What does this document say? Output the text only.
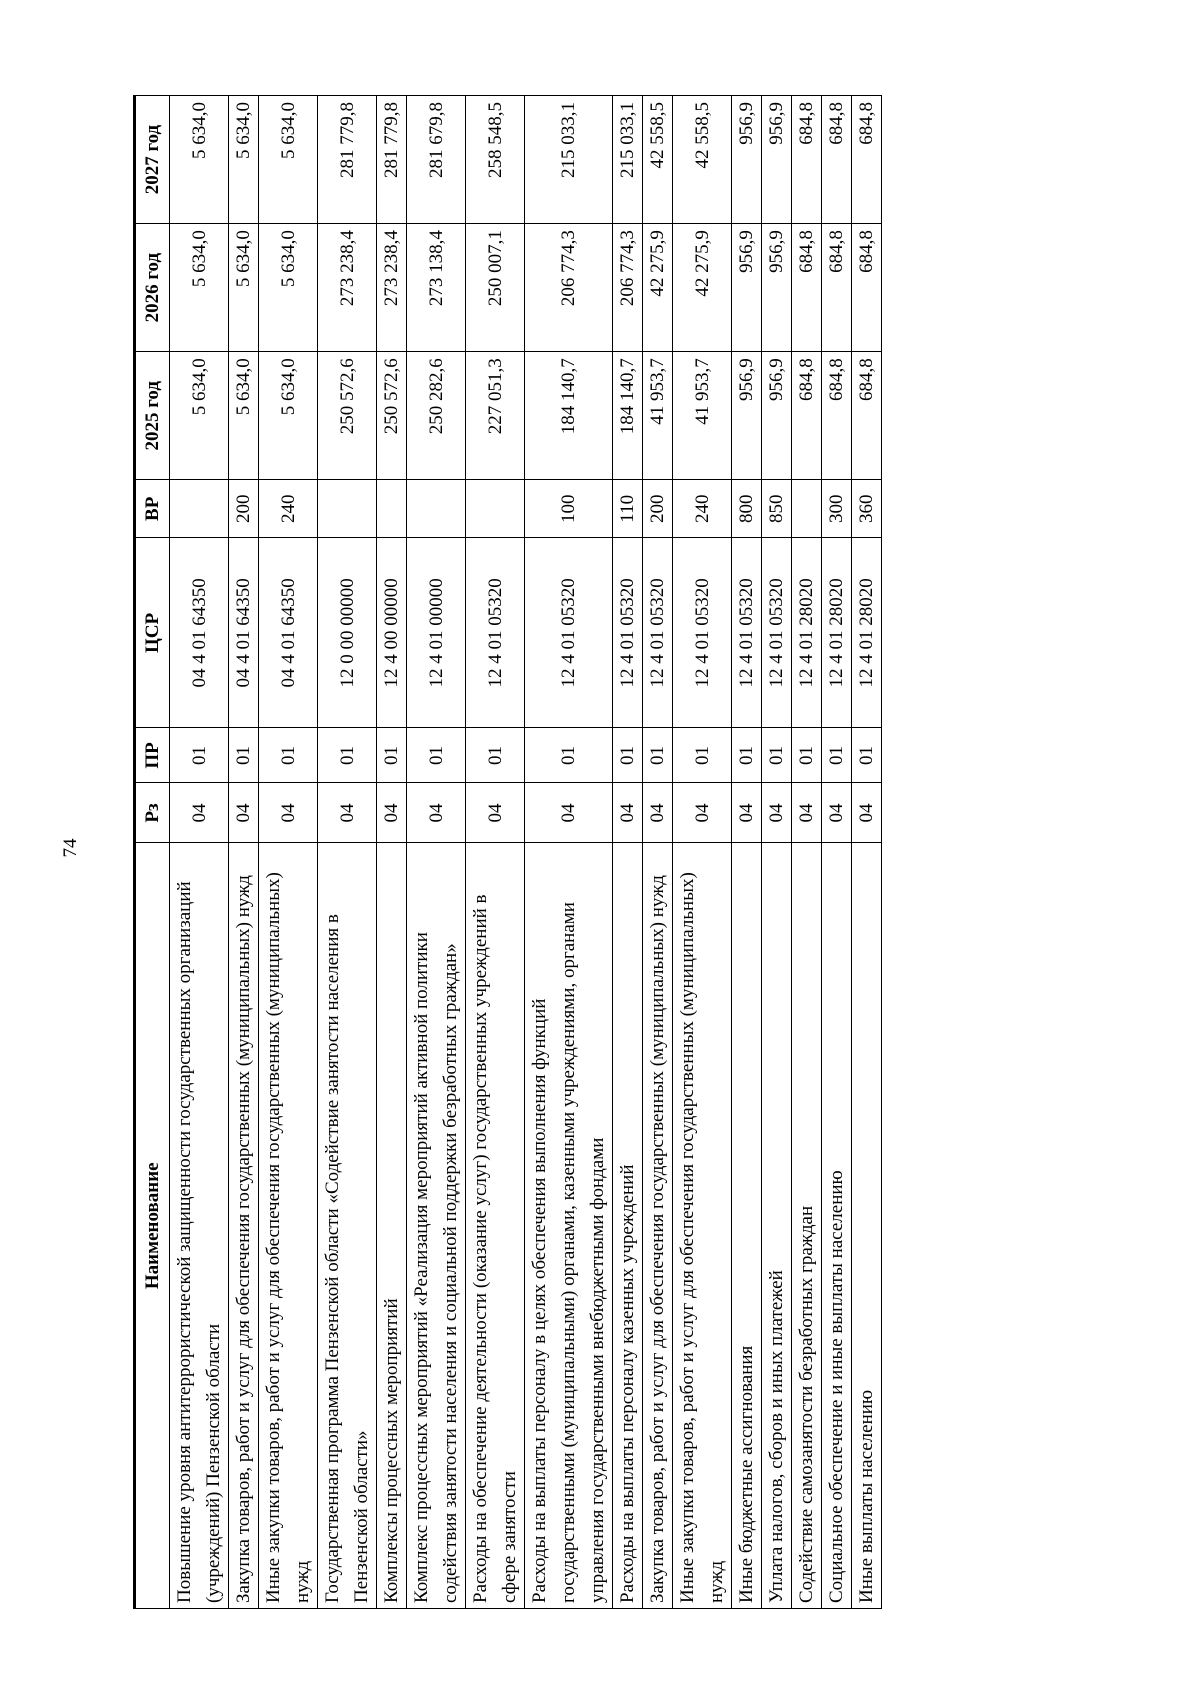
74
Наименование	Рз	ПР	ЦСР	ВР	2025 год	2026 год	2027 год
Повышение уровня антитеррористической защищенности государственных организаций (учреждений) Пензенской области	04	01	04 4 01 64350		5 634,0	5 634,0	5 634,0
Закупка товаров, работ и услуг для обеспечения государственных (муниципальных) нужд	04	01	04 4 01 64350	200	5 634,0	5 634,0	5 634,0
Иные закупки товаров, работ и услуг для обеспечения государственных (муниципальных) нужд	04	01	04 4 01 64350	240	5 634,0	5 634,0	5 634,0
Государственная программа Пензенской области «Содействие занятости населения в Пензенской области»	04	01	12 0 00 00000		250 572,6	273 238,4	281 779,8
Комплексы процессных мероприятий	04	01	12 4 00 00000		250 572,6	273 238,4	281 779,8
Комплекс процессных мероприятий «Реализация мероприятий активной политики содействия занятости населения и социальной поддержки безработных граждан»	04	01	12 4 01 00000		250 282,6	273 138,4	281 679,8
Расходы на обеспечение деятельности (оказание услуг) государственных учреждений в сфере занятости	04	01	12 4 01 05320		227 051,3	250 007,1	258 548,5
Расходы на выплаты персоналу в целях обеспечения выполнения функций государственными (муниципальными) органами, казенными учреждениями, органами управления государственными внебюджетными фондами	04	01	12 4 01 05320	100	184 140,7	206 774,3	215 033,1
Расходы на выплаты персоналу казенных учреждений	04	01	12 4 01 05320	110	184 140,7	206 774,3	215 033,1
Закупка товаров, работ и услуг для обеспечения государственных (муниципальных) нужд	04	01	12 4 01 05320	200	41 953,7	42 275,9	42 558,5
Иные закупки товаров, работ и услуг для обеспечения государственных (муниципальных) нужд	04	01	12 4 01 05320	240	41 953,7	42 275,9	42 558,5
Иные бюджетные ассигнования	04	01	12 4 01 05320	800	956,9	956,9	956,9
Уплата налогов, сборов и иных платежей	04	01	12 4 01 05320	850	956,9	956,9	956,9
Содействие самозанятости безработных граждан	04	01	12 4 01 28020		684,8	684,8	684,8
Социальное обеспечение и иные выплаты населению	04	01	12 4 01 28020	300	684,8	684,8	684,8
Иные выплаты населению	04	01	12 4 01 28020	360	684,8	684,8	684,8
